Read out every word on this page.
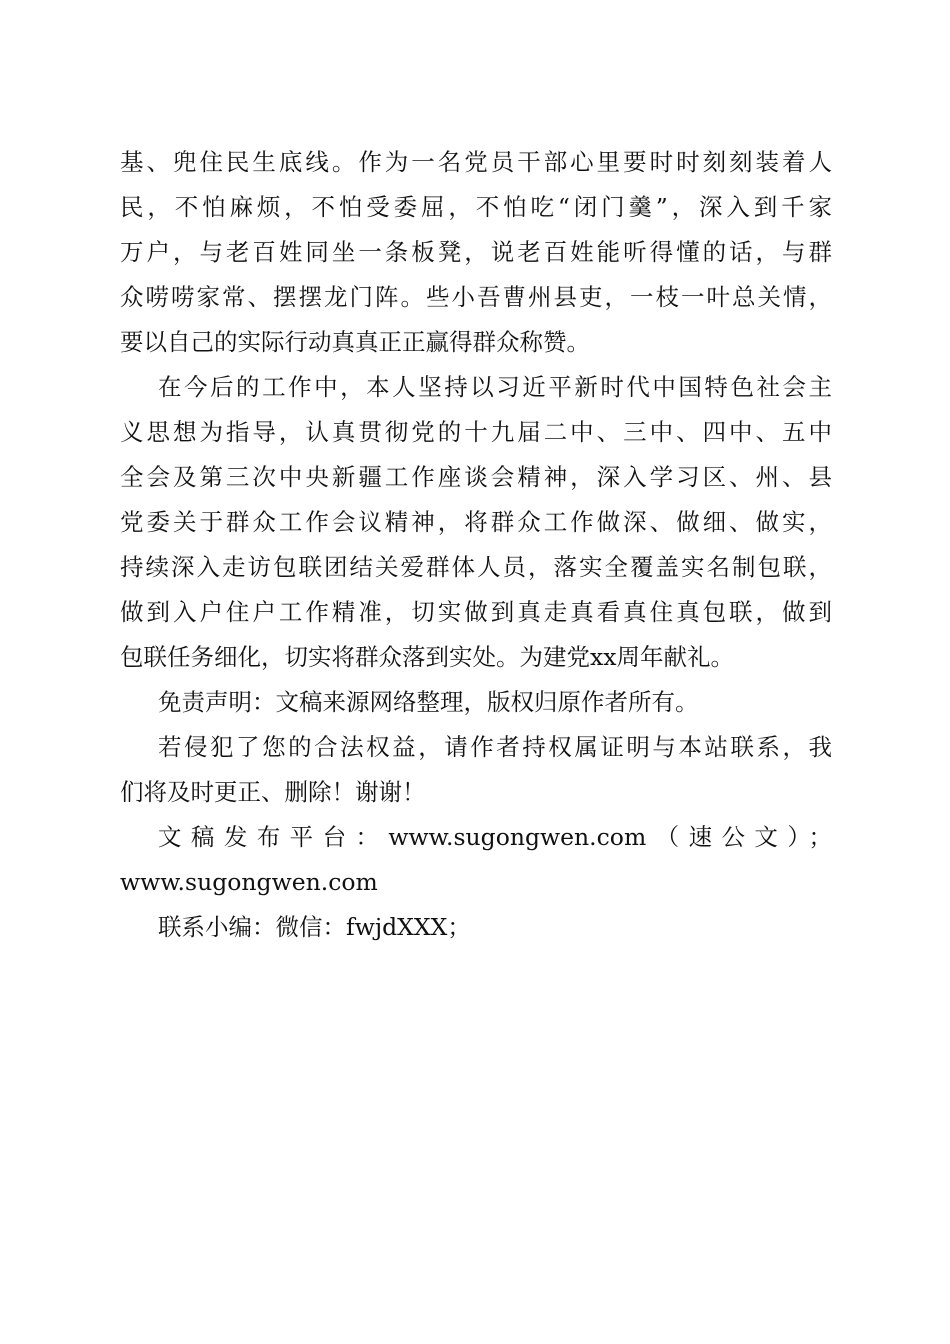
基、兜住民生底线。作为一名党员干部心里要时时刻刻装着人

民，不怕麻烦，不怕受委屈，不怕吃“闭门羹”，深入到千家

万户，与老百姓同坐一条板凳，说老百姓能听得懂的话，与群

众唠唠家常、摆摆龙门阵。些小吾曹州县吏，一枝一叶总关情，

要以自己的实际行动真真正正赢得群众称赞。

在今后的工作中，本人坚持以习近平新时代中国特色社会主

义思想为指导，认真贯彻党的十九届二中、三中、四中、五中

全会及第三次中央新疆工作座谈会精神，深入学习区、州、县

党委关于群众工作会议精神，将群众工作做深、做细、做实，

持续深入走访包联团结关爱群体人员，落实全覆盖实名制包联，

做到入户住户工作精准，切实做到真走真看真住真包联，做到

包联任务细化，切实将群众落到实处。为建党xx周年献礼。

免责声明：文稿来源网络整理，版权归原作者所有。

若侵犯了您的合法权益，请作者持权属证明与本站联系，我

们将及时更正、删除！谢谢！

文稿发布平台：www.sugongwen.com（速公文）；

www.sugongwen.com

联系小编：微信：fwjdXXX；
